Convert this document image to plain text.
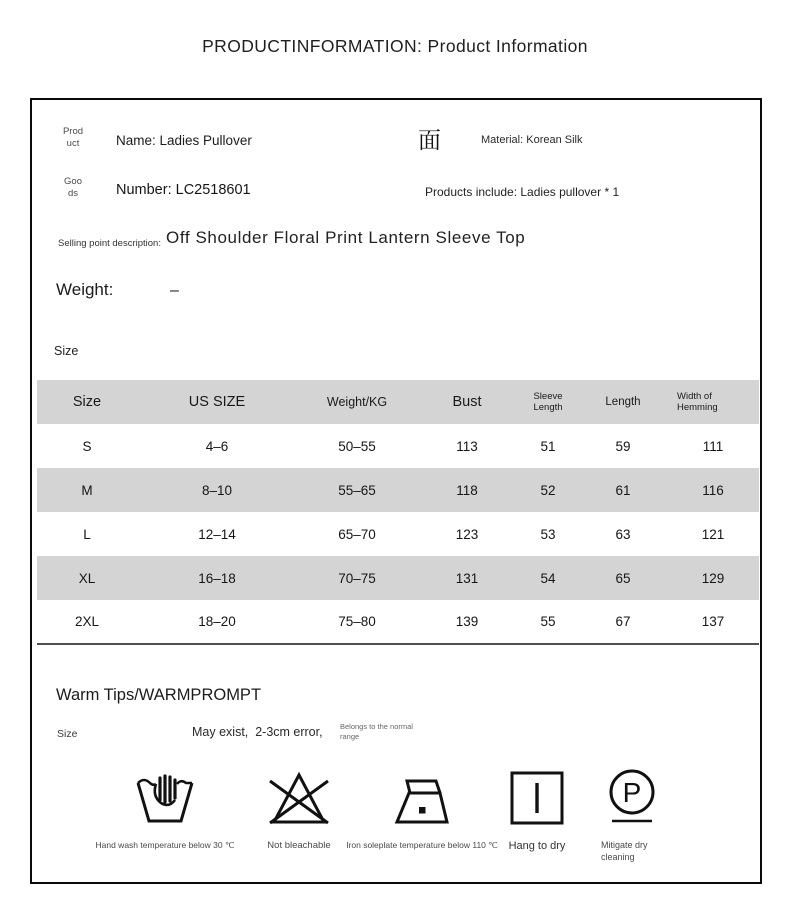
PRODUCTINFORMATION: Product Information
Prod uct	Name: Ladies Pullover	面	Material: Korean Silk
Goo ds	Number: LC2518601	Products include: Ladies pullover * 1
Selling point description: Off Shoulder Floral Print Lantern Sleeve Top
Weight:	–
Size
Size	US SIZE	Weight/KG	Bust	Sleeve Length	Length	Width of Hemming
S	4–6	50–55	113	51	59	111
M	8–10	55–65	118	52	61	116
L	12–14	65–70	123	53	63	121
XL	16–18	70–75	131	54	65	129
2XL	18–20	75–80	139	55	67	137
Warm Tips/WARMPROMPT
Size	May exist,  2-3cm error, Belongs to the normal range
Hand wash temperature below 30 ℃	Not bleachable Iron soleplate temperature below 110 ℃ Hang to dry
P
Mitigate dry cleaning
